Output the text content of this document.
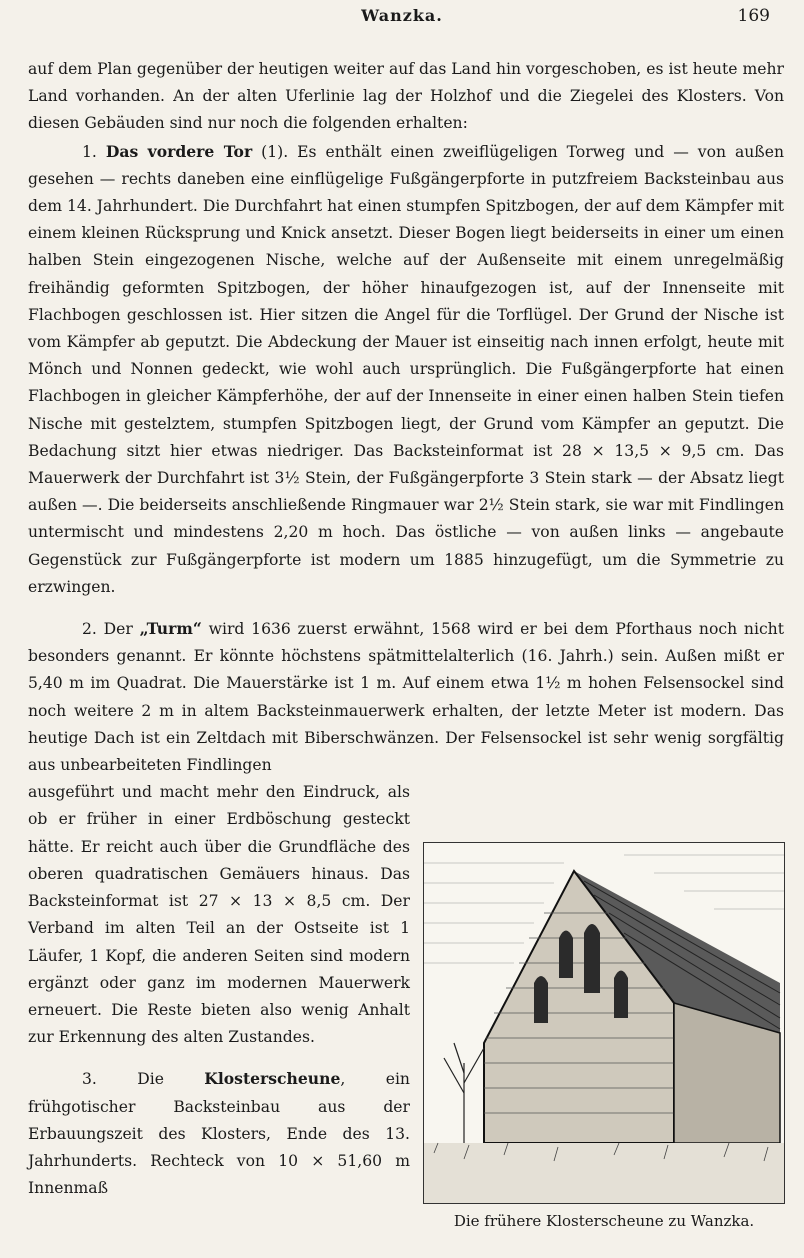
Wanzka.	169

auf dem Plan gegenüber der heutigen weiter auf das Land hin vorgeschoben, es ist heute mehr Land vorhanden. An der alten Uferlinie lag der Holzhof und die Ziegelei des Klosters. Von diesen Gebäuden sind nur noch die folgenden erhalten:

1. Das vordere Tor (1). Es enthält einen zweiflügeligen Torweg und — von außen gesehen — rechts daneben eine einflügelige Fußgängerpforte in putzfreiem Backsteinbau aus dem 14. Jahrhundert. Die Durchfahrt hat einen stumpfen Spitzbogen, der auf dem Kämpfer mit einem kleinen Rücksprung und Knick ansetzt. Dieser Bogen liegt beiderseits in einer um einen halben Stein eingezogenen Nische, welche auf der Außenseite mit einem unregelmäßig freihändig geformten Spitzbogen, der höher hinaufgezogen ist, auf der Innenseite mit Flachbogen geschlossen ist. Hier sitzen die Angel für die Torflügel. Der Grund der Nische ist vom Kämpfer ab geputzt. Die Abdeckung der Mauer ist einseitig nach innen erfolgt, heute mit Mönch und Nonnen gedeckt, wie wohl auch ursprünglich. Die Fußgängerpforte hat einen Flachbogen in gleicher Kämpferhöhe, der auf der Innenseite in einer einen halben Stein tiefen Nische mit gestelztem, stumpfen Spitzbogen liegt, der Grund vom Kämpfer an geputzt. Die Bedachung sitzt hier etwas niedriger. Das Backsteinformat ist 28 × 13,5 × 9,5 cm. Das Mauerwerk der Durchfahrt ist 3½ Stein, der Fußgängerpforte 3 Stein stark — der Absatz liegt außen —. Die beiderseits anschließende Ringmauer war 2½ Stein stark, sie war mit Findlingen untermischt und mindestens 2,20 m hoch. Das östliche — von außen links — angebaute Gegenstück zur Fußgängerpforte ist modern um 1885 hinzugefügt, um die Symmetrie zu erzwingen.

2. Der „Turm“ wird 1636 zuerst erwähnt, 1568 wird er bei dem Pforthaus noch nicht besonders genannt. Er könnte höchstens spätmittelalterlich (16. Jahrh.) sein. Außen mißt er 5,40 m im Quadrat. Die Mauerstärke ist 1 m. Auf einem etwa 1½ m hohen Felsensockel sind noch weitere 2 m in altem Backsteinmauerwerk erhalten, der letzte Meter ist modern. Das heutige Dach ist ein Zeltdach mit Biberschwänzen. Der Felsensockel ist sehr wenig sorgfältig aus unbearbeiteten Findlingen

ausgeführt und macht mehr den Eindruck, als ob er früher in einer Erdböschung gesteckt hätte. Er reicht auch über die Grundfläche des oberen quadratischen Gemäuers hinaus. Das Backsteinformat ist 27 × 13 × 8,5 cm. Der Verband im alten Teil an der Ostseite ist 1 Läufer, 1 Kopf, die anderen Seiten sind modern ergänzt oder ganz im modernen Mauerwerk erneuert. Die Reste bieten also wenig Anhalt zur Erkennung des alten Zustandes.

3. Die Klosterscheune, ein frühgotischer Backsteinbau aus der Erbauungszeit des Klosters, Ende des 13. Jahrhunderts. Rechteck von 10 × 51,60 m Innenmaß

Die frühere Klosterscheune zu Wanzka.
